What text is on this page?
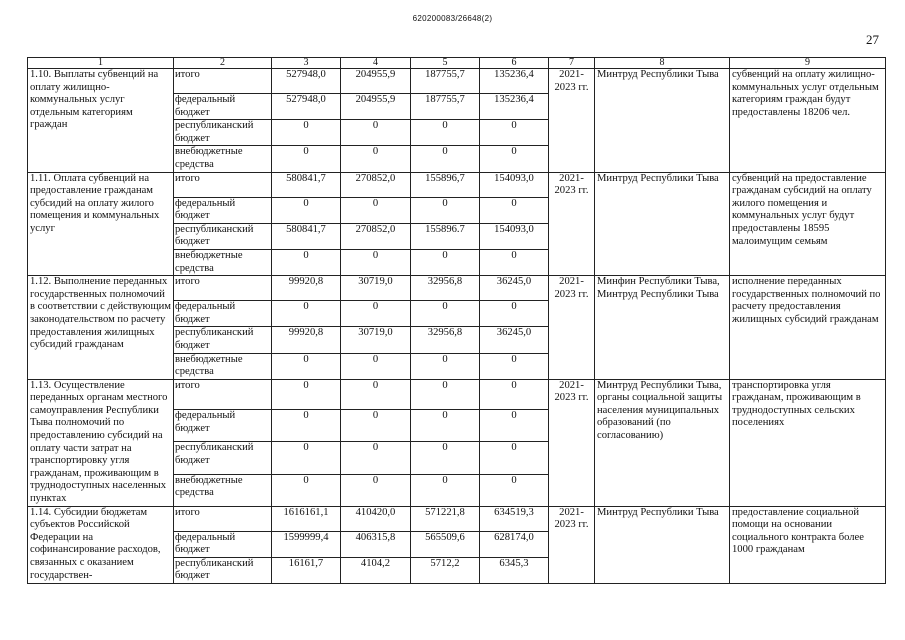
620200083/26648(2)
27
1	2	3	4	5	6	7	8	9
1.10. Выплаты субвенций на оплату жилищно-коммунальных услуг отдельным категориям граждан	итого	527948,0	204955,9	187755,7	135236,4	2021-2023 гг.	Минтруд Республики Тыва	субвенций на оплату жилищно-коммунальных услуг отдельным категориям граждан будут предоставлены 18206 чел.
	федеральный бюджет	527948,0	204955,9	187755,7	135236,4			
	республиканский бюджет	0	0	0	0			
	внебюджетные средства	0	0	0	0			
1.11. Оплата субвенций на предоставление гражданам субсидий на оплату жилого помещения и коммунальных услуг	итого	580841,7	270852,0	155896,7	154093,0	2021-2023 гг.	Минтруд Республики Тыва	субвенций на предоставление гражданам субсидий на оплату жилого помещения и коммунальных услуг будут предоставлены 18595 малоимущим семьям
	федеральный бюджет	0	0	0	0			
	республиканский бюджет	580841,7	270852,0	155896.7	154093,0			
	внебюджетные средства	0	0	0	0			
1.12. Выполнение переданных государственных полномочий в соответствии с действующим законодательством по расчету предоставления жилищных субсидий гражданам	итого	99920,8	30719,0	32956,8	36245,0	2021-2023 гг.	Минфин Республики Тыва, Минтруд Республики Тыва	исполнение переданных государственных полномочий по расчету предоставления жилищных субсидий гражданам
	федеральный бюджет	0	0	0	0			
	республиканский бюджет	99920,8	30719,0	32956,8	36245,0			
	внебюджетные средства	0	0	0	0			
1.13. Осуществление переданных органам местного самоуправления Республики Тыва полномочий по предоставлению субсидий на оплату части затрат на транспортировку угля гражданам, проживающим в труднодоступных населенных пунктах	итого	0	0	0	0	2021-2023 гг.	Минтруд Республики Тыва, органы социальной защиты населения муниципальных образований (по согласованию)	транспортировка угля гражданам, проживающим в труднодоступных сельских поселениях
	федеральный бюджет	0	0	0	0			
	республиканский бюджет	0	0	0	0			
	внебюджетные средства	0	0	0	0			
1.14. Субсидии бюджетам субъектов Российской Федерации на софинансирование расходов, связанных с оказанием государствен-	итого	1616161,1	410420,0	571221,8	634519,3	2021-2023 гг.	Минтруд Республики Тыва	предоставление социальной помощи на основании социального контракта более 1000 гражданам
	федеральный бюджет	1599999,4	406315,8	565509,6	628174,0			
	республиканский бюджет	16161,7	4104,2	5712,2	6345,3			
